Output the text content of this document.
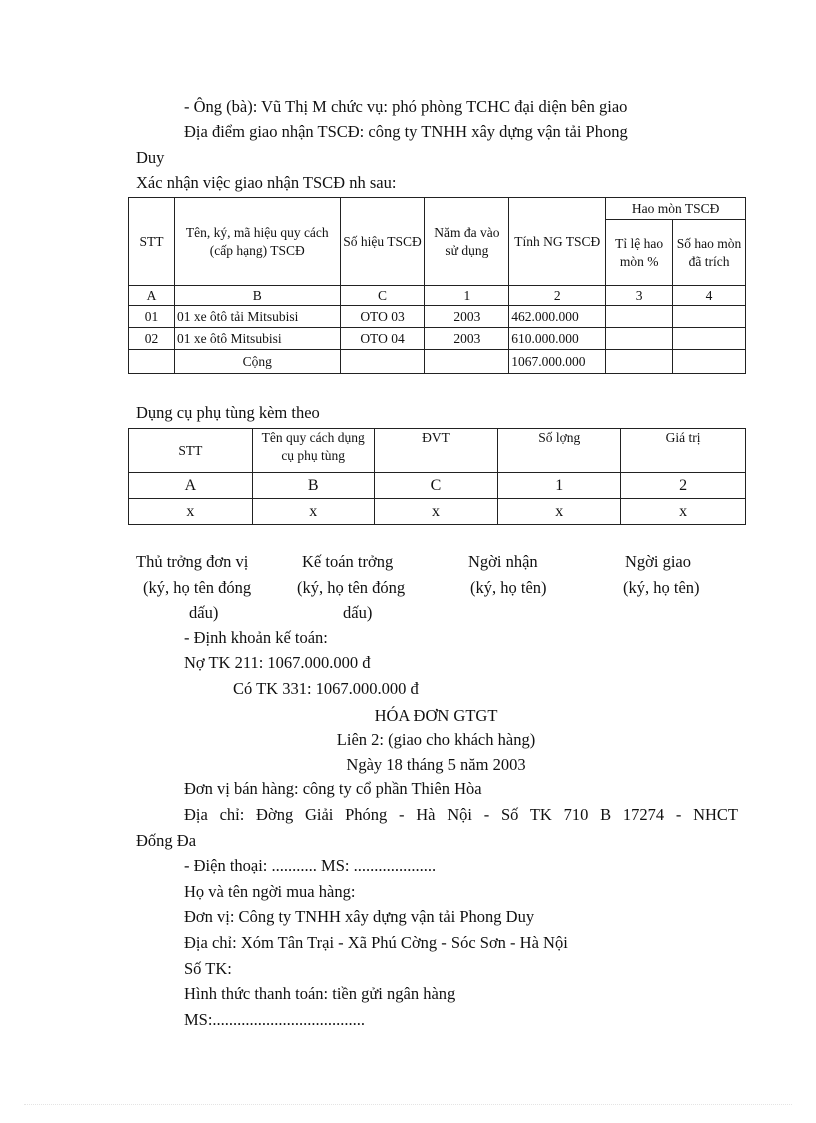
- Ông (bà): Vũ Thị M chức vụ: phó phòng TCHC đại diện bên giao
Địa điểm giao nhận TSCĐ: công ty TNHH xây dựng vận tải Phong
Duy
Xác nhận việc giao nhận TSCĐ nh sau:
STT	Tên, ký, mã hiệu quy cách (cấp hạng) TSCĐ	Số hiệu TSCĐ	Năm đa vào sử dụng	Tính NG TSCĐ	Hao mòn TSCĐ	
					Tỉ lệ hao mòn %	Số hao mòn đã trích
A	B	C	1	2	3	4
01	01 xe ôtô tải Mitsubisi	OTO 03	2003	462.000.000		
02	01 xe ôtô Mitsubisi	OTO 04	2003	610.000.000		
	Cộng			1067.000.000		
Dụng cụ phụ tùng kèm theo
STT	Tên quy cách dụng cụ phụ tùng	ĐVT	Số lợng	Giá trị
A	B	C	1	2
x	x	x	x	x
Thủ trởng đơn vị	Kế toán trởng	Ngời nhận	Ngời giao
(ký, họ tên đóng	(ký, họ tên đóng	(ký, họ tên)	(ký, họ tên)
dấu)	dấu)
- Định khoản kế toán:
Nợ TK 211: 1067.000.000 đ
Có TK 331: 1067.000.000 đ
HÓA ĐƠN GTGT
Liên 2: (giao cho khách hàng)
Ngày 18 tháng 5 năm 2003
Đơn vị bán hàng: công ty cổ phần Thiên Hòa
Địa chỉ: Đờng Giải Phóng - Hà Nội - Số TK 710 B 17274 - NHCT
Đống Đa
- Điện thoại: ........... MS: ....................
Họ và tên ngời mua hàng:
Đơn vị: Công ty TNHH xây dựng vận tải Phong Duy
Địa chỉ: Xóm Tân Trại - Xã Phú Cờng - Sóc Sơn - Hà Nội
Số TK:
Hình thức thanh toán: tiền gửi ngân hàng
MS:.....................................
